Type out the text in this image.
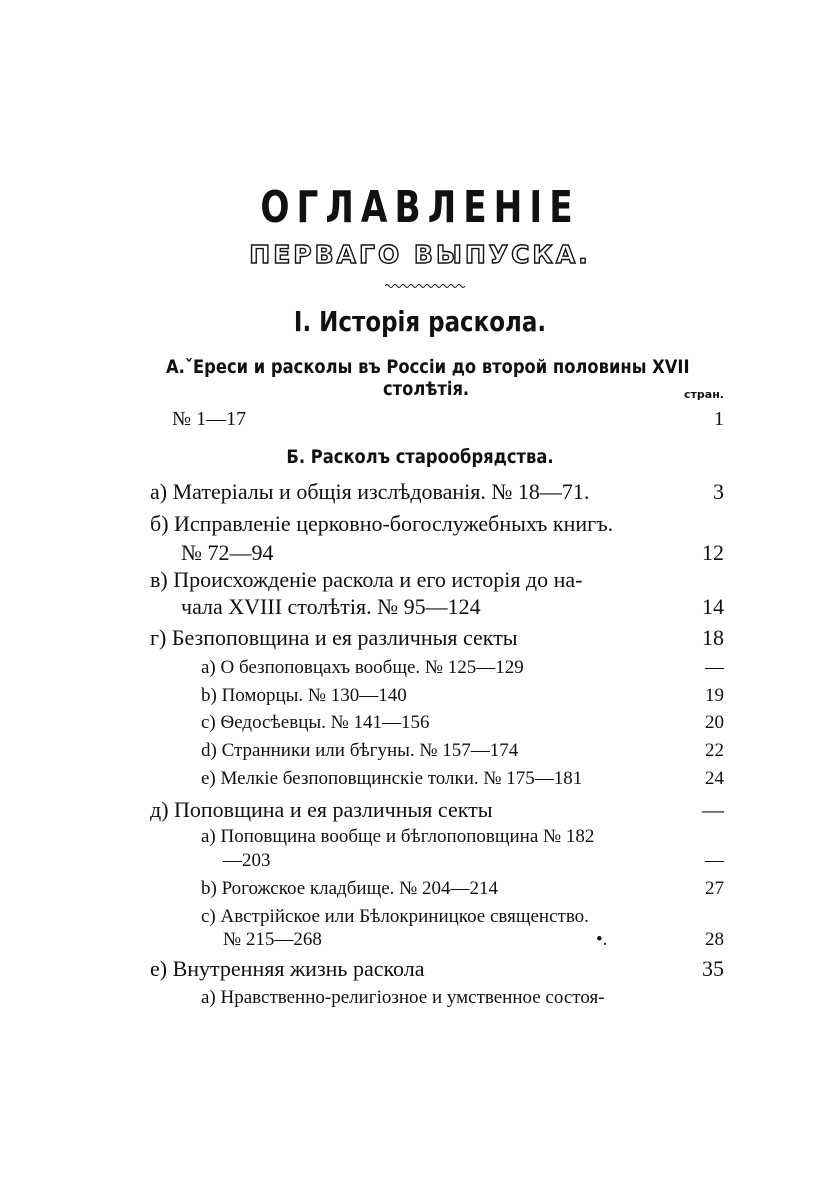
ОГЛАВЛЕНІЕ
ПЕРВАГО ВЫПУСКА.
I. Исторія раскола.
А.ˇЕреси и расколы въ Россіи до второй половины XVII
столѣтія.	стран.
№ 1—17	1
Б. Расколъ старообрядства.
а) Матеріалы и общія изслѣдованія. № 18—71.	3
б) Исправленіе церковно-богослужебныхъ книгъ.
№ 72—94	12
в) Происхожденіе раскола и его исторія до на-
чала XVIII столѣтія. № 95—124	14
г) Безпоповщина и ея различныя секты	18
a) О безпоповцахъ вообще. № 125—129	—
b) Поморцы. № 130—140	19
c) Ѳедосѣевцы. № 141—156	20
d) Странники или бѣгуны. № 157—174	22
e) Мелкіе безпоповщинскіе толки. № 175—181	24
д) Поповщина и ея различныя секты	—
a) Поповщина вообще и бѣглопоповщина № 182
—203	—
b) Рогожское кладбище. № 204—214	27
c) Австрійское или Бѣлокриницкое священство.
№ 215—268	•.	28
е) Внутренняя жизнь раскола	35
a) Нравственно-религіозное и умственное состоя-
